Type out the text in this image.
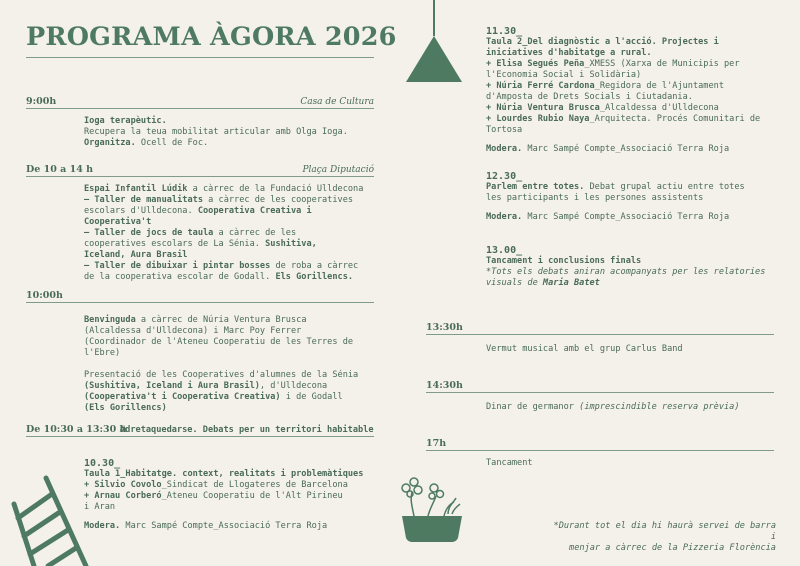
PROGRAMA ÀGORA 2026
9:00h	Casa de Cultura

Ioga terapèutic.

Recupera la teua mobilitat articular amb Olga Ioga.

Organitza. Ocell de Foc.

De 10 a 14 h	Plaça Diputació

Espai Infantil Lúdik a càrrec de la Fundació Ulldecona

– Taller de manualitats a càrrec de les cooperatives

escolars d'Ulldecona. Cooperativa Creativa i

Cooperativa't

– Taller de jocs de taula a càrrec de les

cooperatives escolars de La Sénia. Sushitiva,

Iceland, Aura Brasil

– Taller de dibuixar i pintar bosses de roba a càrrec

de la cooperativa escolar de Godall. Els Gorillencs.

10:00h

Benvinguda a càrrec de Núria Ventura Brusca

(Alcaldessa d'Ulldecona) i Marc Poy Ferrer

(Coordinador de l'Ateneu Cooperatiu de les Terres de

l'Ebre)

Presentació de les Cooperatives d'alumnes de la Sénia

(Sushitiva, Iceland i Aura Brasil), d'Ulldecona

(Cooperativa't i Cooperativa Creativa) i de Godall

(Els Gorillencs)

De 10:30 a 13:30 h
#dretaquedarse. Debats per un territori habitable

10.30_

Taula 1_Habitatge. context, realitats i problemàtiques

+ Silvio Covolo_Sindicat de Llogateres de Barcelona

+ Arnau Corberó_Ateneu Cooperatiu de l'Alt Pirineu

i Aran

Modera. Marc Sampé Compte_Associació Terra Roja

11.30_

Taula 2_Del diagnòstic a l'acció. Projectes i

iniciatives d'habitatge a rural.

+ Elisa Segués Peña_XMESS (Xarxa de Municipis per

l'Economia Social i Solidària)

+ Núria Ferré Cardona_Regidora de l'Ajuntament

d'Amposta de Drets Socials i Ciutadania.

+ Núria Ventura Brusca_Alcaldessa d'Ulldecona

+ Lourdes Rubio Naya_Arquitecta. Procés Comunitari de

Tortosa

Modera. Marc Sampé Compte_Associació Terra Roja

12.30_

Parlem entre totes. Debat grupal actiu entre totes

les participants i les persones assistents

Modera. Marc Sampé Compte_Associació Terra Roja

13.00_

Tancament i conclusions finals

*Tots els debats aniran acompanyats per les relatories

visuals de Maria Batet

13:30h
Vermut musical amb el grup Carlus Band
14:30h
Dinar de germanor (imprescindible reserva prèvia)
17h
Tancament

*Durant tot el dia hi haurà servei de barra i

menjar a càrrec de la Pizzeria Florència
